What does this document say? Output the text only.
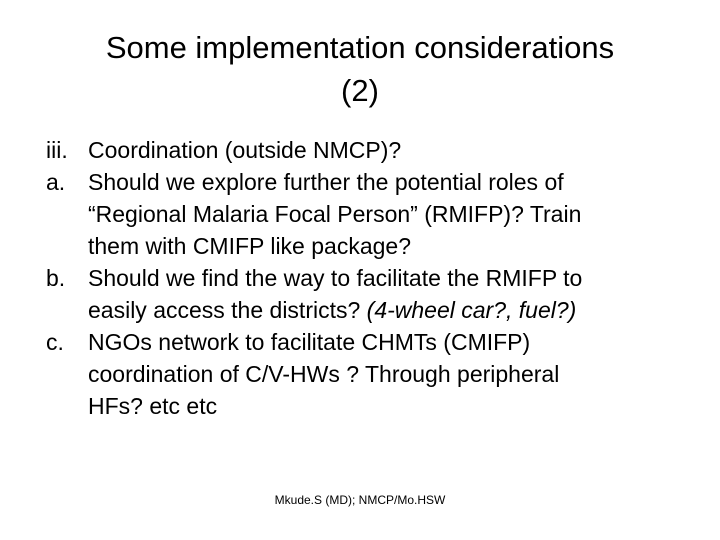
Some implementation considerations
(2)
iii. Coordination (outside NMCP)?
a. Should we explore further the potential roles of
“Regional Malaria Focal Person” (RMIFP)? Train
them with CMIFP like package?
b. Should we find the way to facilitate the RMIFP to
easily access the districts? (4-wheel car?, fuel?)
c.	NGOs network to facilitate CHMTs (CMIFP)
coordination of C/V-HWs ? Through peripheral
HFs? etc etc
Mkude.S (MD); NMCP/Mo.HSW
